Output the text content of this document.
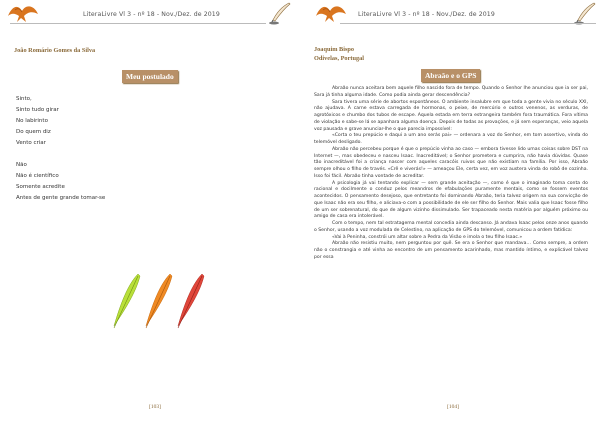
LiteraLivre Vl 3 - nº 18 - Nov./Dez. de 2019
João Romário Gomes da Silva
Meu postulado
Sinto,
Sinto tudo girar
No labirinto
Do quem diz
Vento criar
Não
Não é científico
Somente acredite
Antes de gente grande tomar-se
[103]
LiteraLivre Vl 3 - nº 18 - Nov./Dez. de 2019
Joaquim Bispo
Odivelas, Portugal
Abraão e o GPS

Abraão nunca aceitara bem aquele filho nascido fora de tempo. Quando o Senhor lhe anunciou que ia ser pai, Sara já tinha alguma idade. Como podia ainda gerar descendência?

Sara tivera uma série de abortos espontâneos. O ambiente insalubre em que toda a gente vivia no século XXI, não ajudava. A carne estava carregada de hormonas, o peixe, de mercúrio e outros venenos, as verduras, de agrotóxicos e chumbo dos tubos de escape. Aquela estada em terra estrangeira também fora traumática. Fora vítima de violação e sabe-se lá se apanhara alguma doença. Depois de todas as provações, e já sem esperanças, veio aquela voz pausada e grave anunciar-lhe o que parecia impossível:

«Corta o teu prepúcio e daqui a um ano serás pai» — ordenara a voz do Senhor, em tom assertivo, vinda do telemóvel desligado.

Abraão não percebeu porque é que o prepúcio vinha ao caso — embora tivesse lido umas coisas sobre DST na Internet —, mas obedeceu e nasceu Isaac. Inacreditável; o Senhor prometera e cumprira, não havia dúvidas. Quase tão inacreditável foi a criança nascer com aqueles caracóis ruivos que não existiam na família. Por isso, Abraão sempre olhou o filho de través. «Crê e viverás!» — ameaçou Ele, certa vez, em voz austera vinda do robô de cozinha. Isso foi fácil. Abraão tinha vontade de acreditar.

A psicologia já vai tentando explicar — sem grande aceitação —, como é que o imaginado toma conta do racional e docilmente o conduz pelos meandros de efabulações puramente mentais, como se fossem eventos acontecidos. O pensamento desejoso, que entretanto foi dominando Abraão, teria talvez origem na sua convicção de que Isaac não era seu filho, e aliciava-o com a possibilidade de ele ser filho do Senhor. Mais valia que Isaac fosse filho de um ser sobrenatural, do que de algum vizinho dissimulado. Ser trapaceado nesta matéria por alguém próximo ou amigo de casa era intolerável.

Com o tempo, nem tal estratagema mental concedia ainda descanso. Já andava Isaac pelos onze anos quando o Senhor, usando a voz modulada de Celestino, na aplicação de GPS do telemóvel, comunicou a ordem fatídica:

«Vai à Peninha, constrói um altar sobre a Pedra da Visão e imola o teu filho Isaac.»

Abraão não resistiu muito, nem perguntou por quê. Se era o Senhor que mandava… Como sempre, a ordem não o constrangia e até vinha ao encontro de um pensamento acarinhado, mas mantido íntimo, e explicável talvez por essa

[104]
